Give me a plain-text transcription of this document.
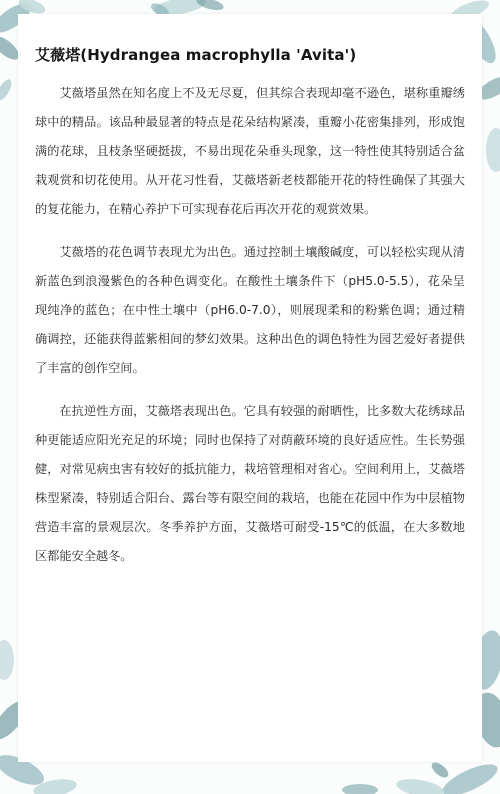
艾薇塔(Hydrangea macrophylla 'Avita')

艾薇塔虽然在知名度上不及无尽夏，但其综合表现却毫不逊色，堪称重瓣绣球中的精品。该品种最显著的特点是花朵结构紧凑，重瓣小花密集排列，形成饱满的花球，且枝条坚硬挺拔，不易出现花朵垂头现象，这一特性使其特别适合盆栽观赏和切花使用。从开花习性看，艾薇塔新老枝都能开花的特性确保了其强大的复花能力，在精心养护下可实现春花后再次开花的观赏效果。

艾薇塔的花色调节表现尤为出色。通过控制土壤酸碱度，可以轻松实现从清新蓝色到浪漫紫色的各种色调变化。在酸性土壤条件下（pH5.0-5.5），花朵呈现纯净的蓝色；在中性土壤中（pH6.0-7.0），则展现柔和的粉紫色调；通过精确调控，还能获得蓝紫相间的梦幻效果。这种出色的调色特性为园艺爱好者提供了丰富的创作空间。

在抗逆性方面，艾薇塔表现出色。它具有较强的耐晒性，比多数大花绣球品种更能适应阳光充足的环境；同时也保持了对荫蔽环境的良好适应性。生长势强健，对常见病虫害有较好的抵抗能力，栽培管理相对省心。空间利用上，艾薇塔株型紧凑，特别适合阳台、露台等有限空间的栽培，也能在花园中作为中层植物营造丰富的景观层次。冬季养护方面，艾薇塔可耐受-15℃的低温，在大多数地区都能安全越冬。
